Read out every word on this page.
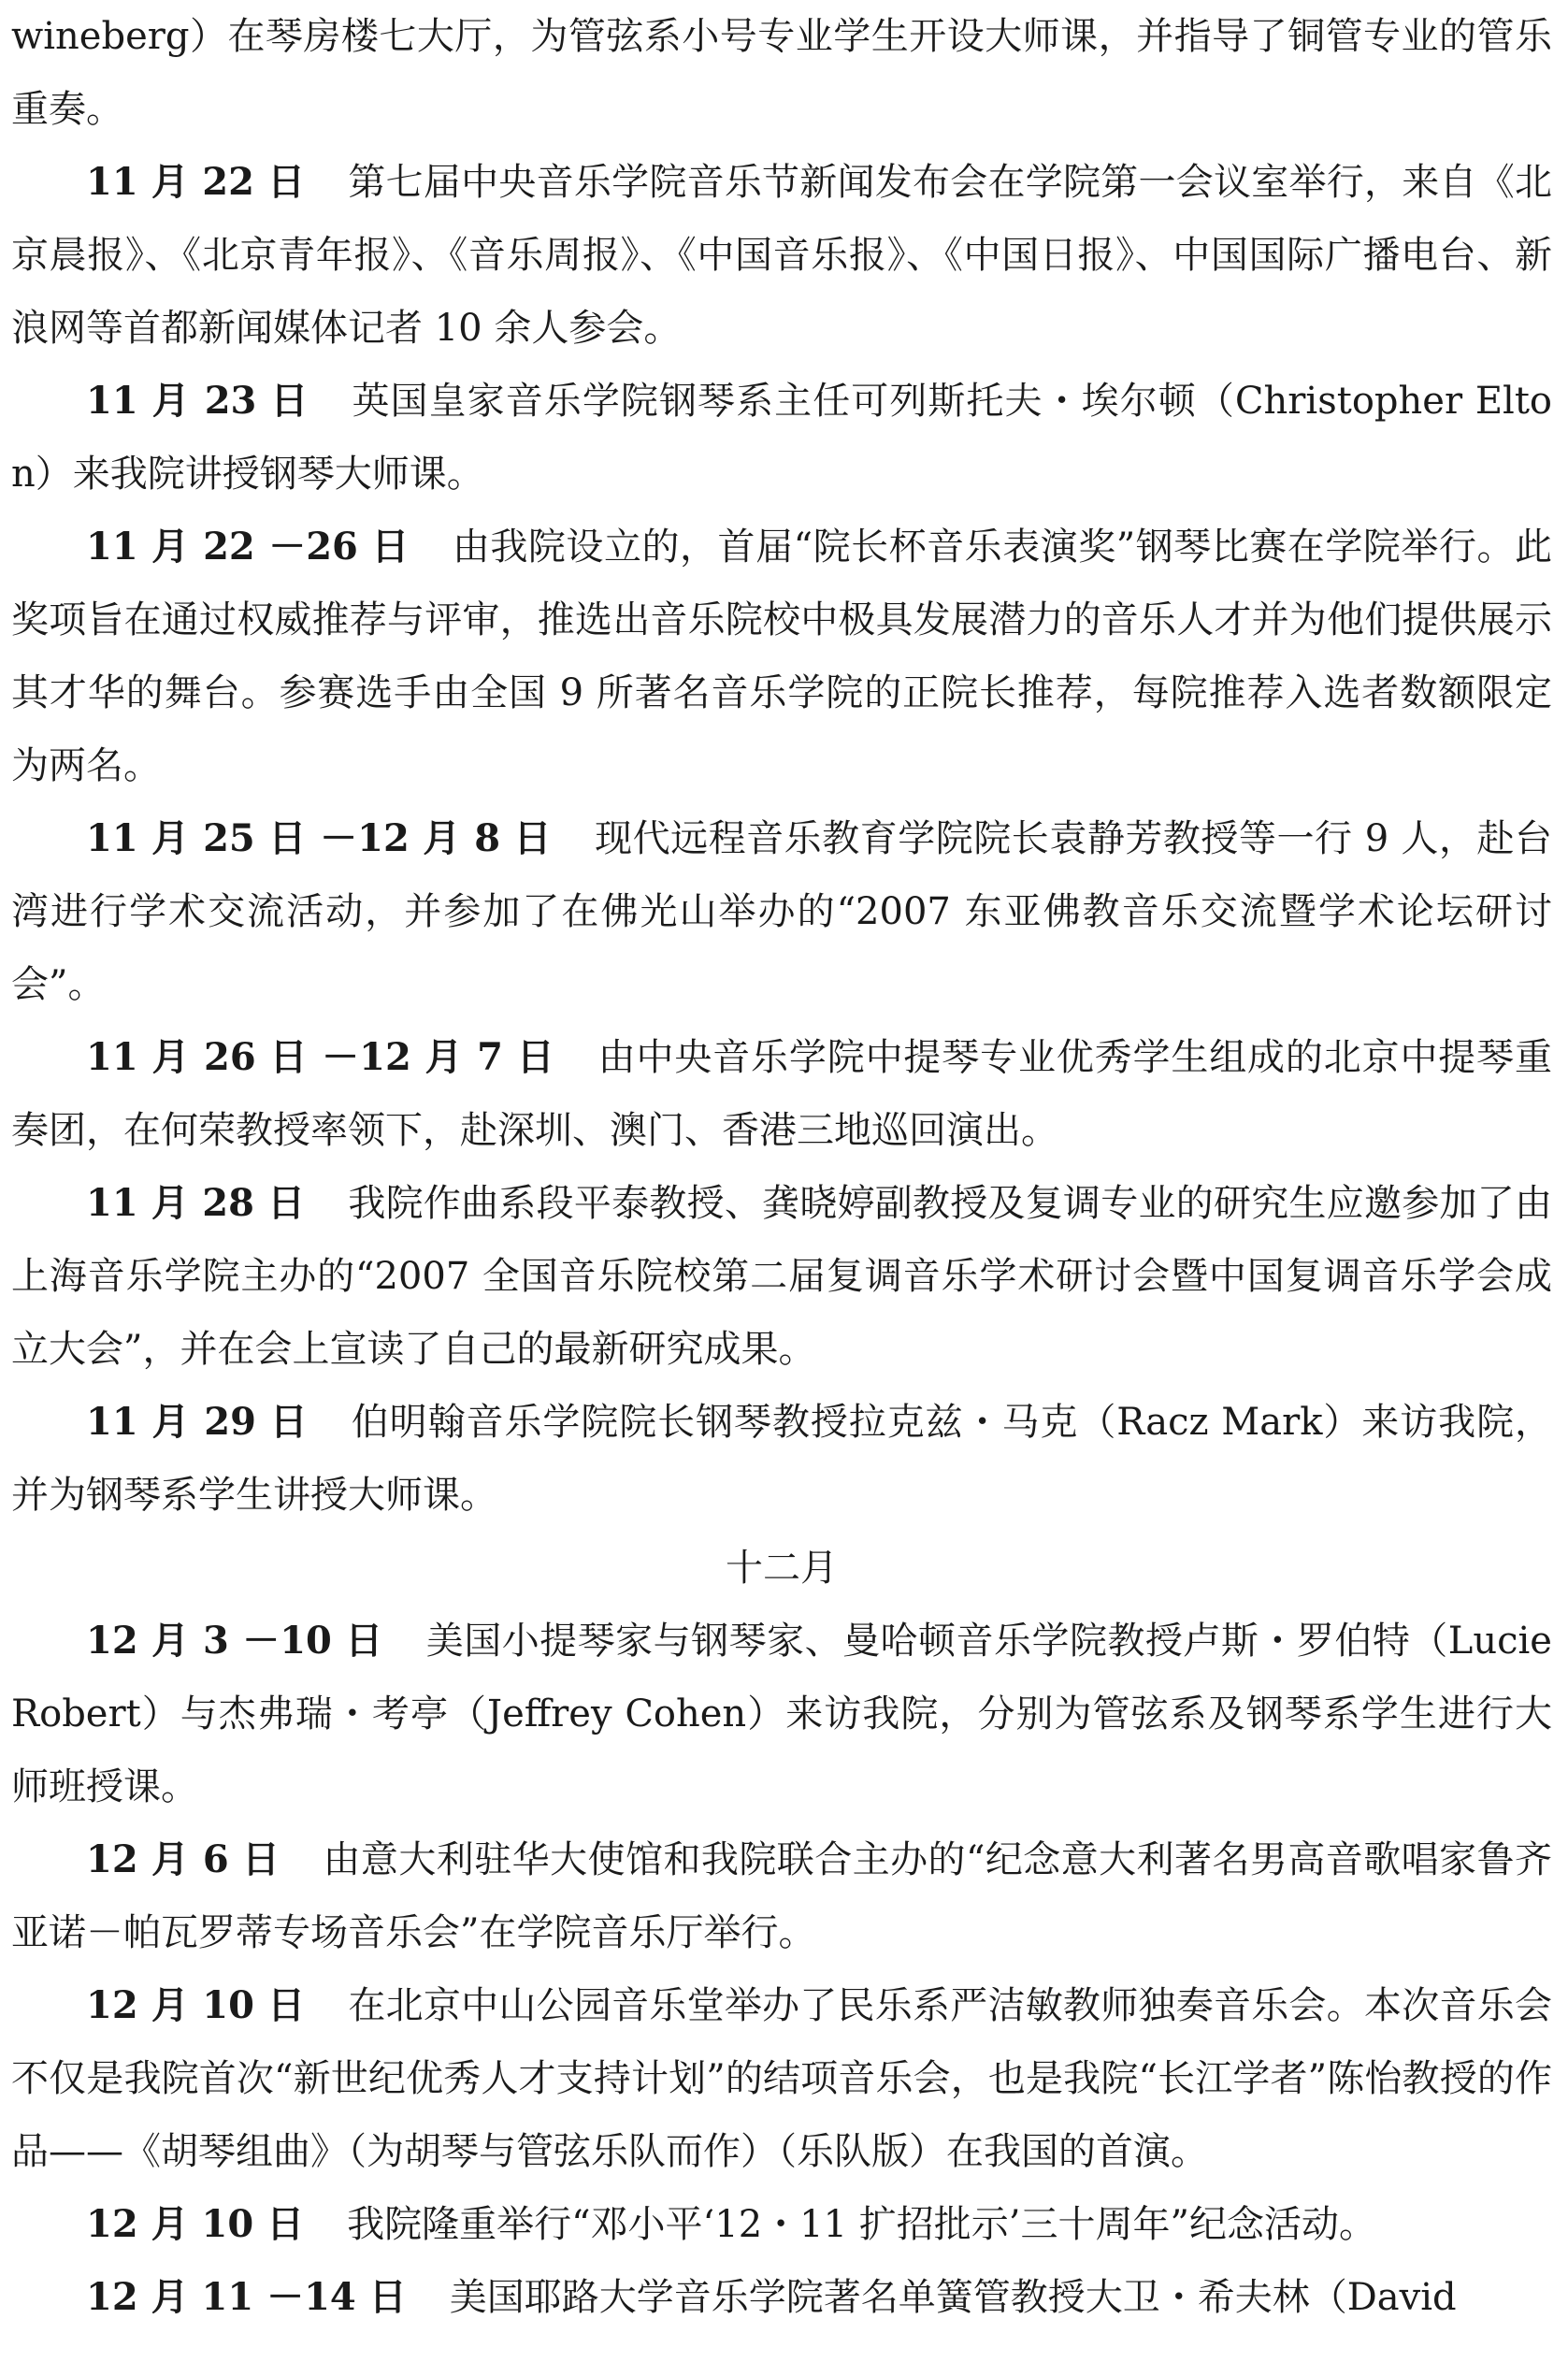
wineberg）在琴房楼七大厅，为管弦系小号专业学生开设大师课，并指导了铜管专业的管乐重奏。

11 月 22 日 第七届中央音乐学院音乐节新闻发布会在学院第一会议室举行，来自《北京晨报》、《北京青年报》、《音乐周报》、《中国音乐报》、《中国日报》、中国国际广播电台、新浪网等首都新闻媒体记者 10 余人参会。

11 月 23 日 英国皇家音乐学院钢琴系主任可列斯托夫・埃尔顿（Christopher Elton）来我院讲授钢琴大师课。

11 月 22 －26 日 由我院设立的，首届“院长杯音乐表演奖”钢琴比赛在学院举行。此奖项旨在通过权威推荐与评审，推选出音乐院校中极具发展潜力的音乐人才并为他们提供展示其才华的舞台。参赛选手由全国 9 所著名音乐学院的正院长推荐，每院推荐入选者数额限定为两名。

11 月 25 日 －12 月 8 日 现代远程音乐教育学院院长袁静芳教授等一行 9 人，赴台湾进行学术交流活动，并参加了在佛光山举办的“2007 东亚佛教音乐交流暨学术论坛研讨会”。

11 月 26 日 －12 月 7 日 由中央音乐学院中提琴专业优秀学生组成的北京中提琴重奏团，在何荣教授率领下，赴深圳、澳门、香港三地巡回演出。

11 月 28 日 我院作曲系段平泰教授、龚晓婷副教授及复调专业的研究生应邀参加了由上海音乐学院主办的“2007 全国音乐院校第二届复调音乐学术研讨会暨中国复调音乐学会成立大会”，并在会上宣读了自己的最新研究成果。

11 月 29 日 伯明翰音乐学院院长钢琴教授拉克兹・马克（Racz Mark）来访我院，并为钢琴系学生讲授大师课。

十二月

12 月 3 －10 日 美国小提琴家与钢琴家、曼哈顿音乐学院教授卢斯・罗伯特（Lucie Robert）与杰弗瑞・考亭（Jeffrey Cohen）来访我院，分别为管弦系及钢琴系学生进行大师班授课。

12 月 6 日 由意大利驻华大使馆和我院联合主办的“纪念意大利著名男高音歌唱家鲁齐亚诺－帕瓦罗蒂专场音乐会”在学院音乐厅举行。

12 月 10 日 在北京中山公园音乐堂举办了民乐系严洁敏教师独奏音乐会。本次音乐会不仅是我院首次“新世纪优秀人才支持计划”的结项音乐会，也是我院“长江学者”陈怡教授的作品——《胡琴组曲》（为胡琴与管弦乐队而作）（乐队版）在我国的首演。

12 月 10 日 我院隆重举行“邓小平‘12・11 扩招批示’三十周年”纪念活动。

12 月 11 －14 日 美国耶路大学音乐学院著名单簧管教授大卫・希夫林（David
